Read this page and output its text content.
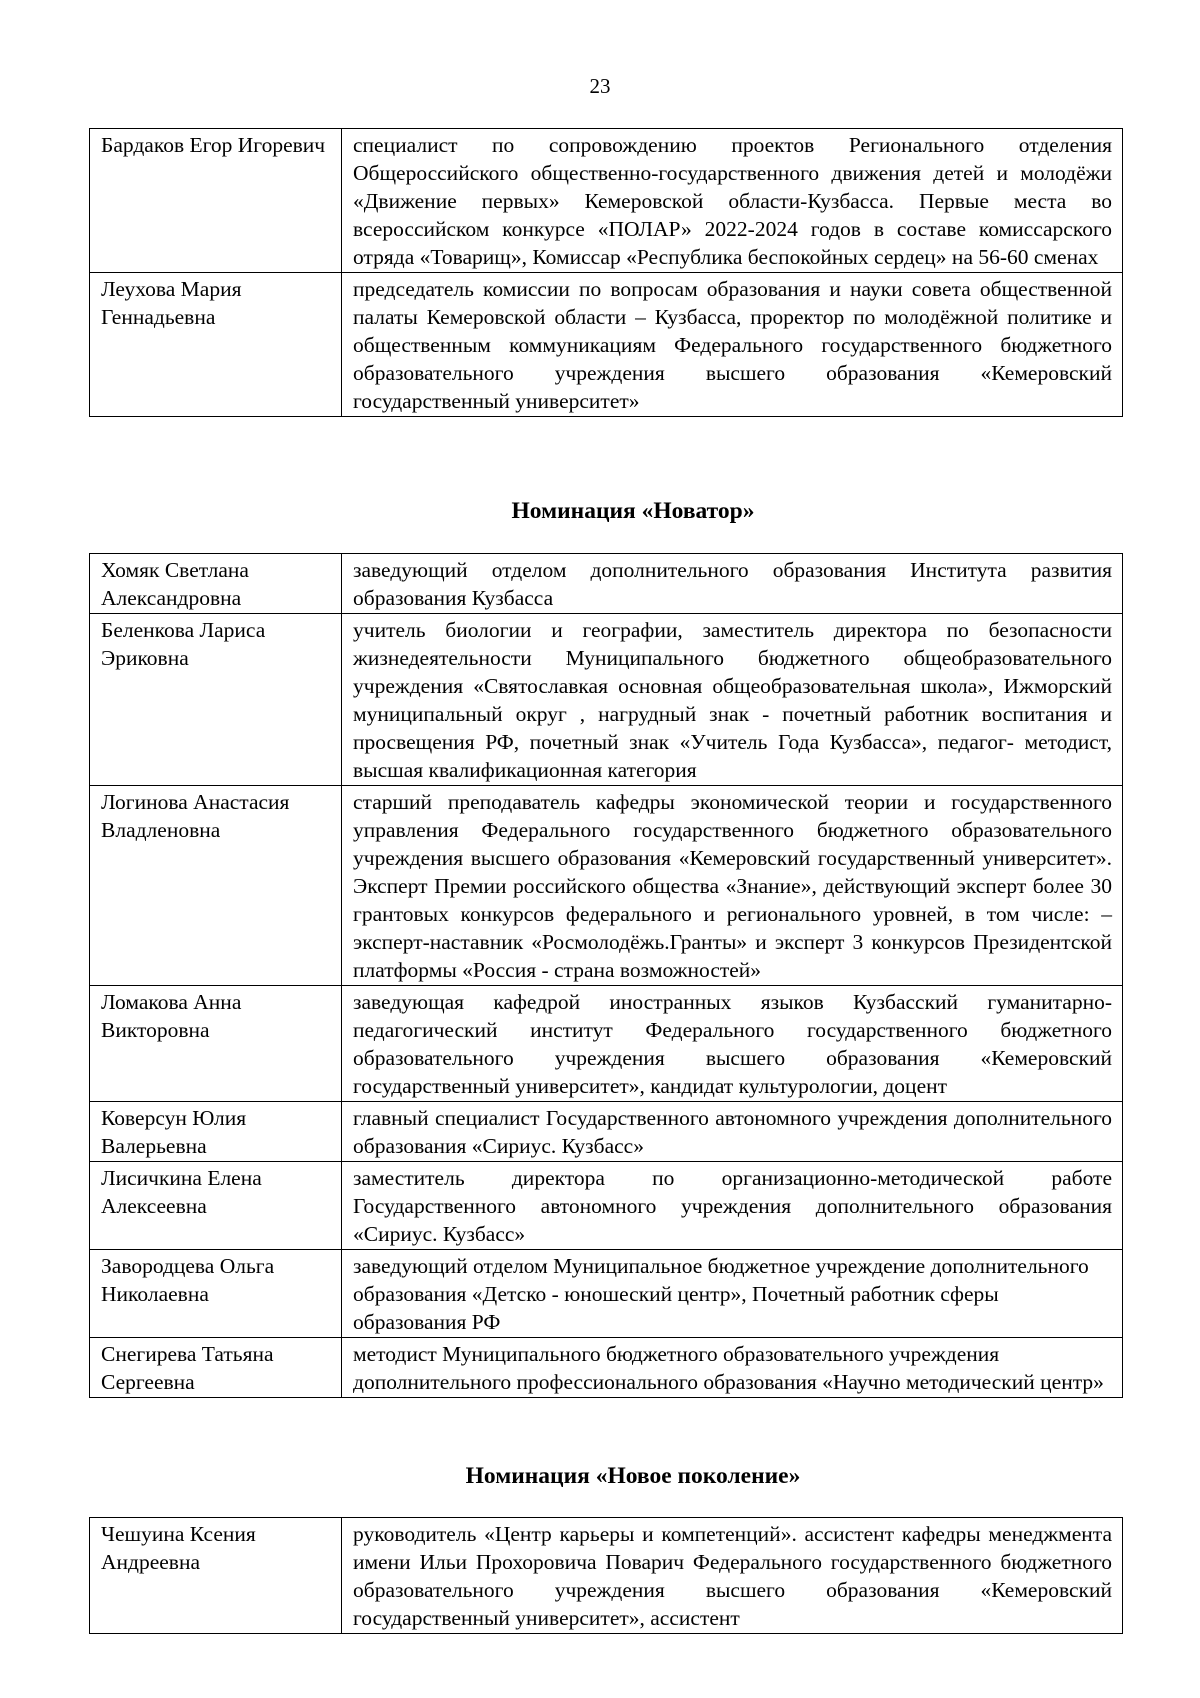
23
Бардаков Егор Игоревич	специалист по сопровождению проектов Регионального отделения Общероссийского общественно-государственного движения детей и молодёжи «Движение первых» Кемеровской области-Кузбасса. Первые места во всероссийском конкурсе «ПОЛАР» 2022-2024 годов в составе комиссарского отряда «Товарищ», Комиссар «Республика беспокойных сердец» на 56-60 сменах
Леухова Мария Геннадьевна	председатель комиссии по вопросам образования и науки совета общественной палаты Кемеровской области – Кузбасса, проректор по молодёжной политике и общественным коммуникациям Федерального государственного бюджетного образовательного учреждения высшего образования «Кемеровский государственный университет»
Номинация «Новатор»
Хомяк Светлана Александровна	заведующий отделом дополнительного образования Института развития образования Кузбасса
Беленкова Лариса Эриковна	учитель биологии и географии, заместитель директора по безопасности жизнедеятельности Муниципального бюджетного общеобразовательного учреждения «Святославкая основная общеобразовательная школа», Ижморский муниципальный округ , нагрудный знак - почетный работник воспитания и просвещения РФ, почетный знак «Учитель Года Кузбасса», педагог- методист, высшая квалификационная категория
Логинова Анастасия Владленовна	старший преподаватель кафедры экономической теории и государственного управления Федерального государственного бюджетного образовательного учреждения высшего образования «Кемеровский государственный университет». Эксперт Премии российского общества «Знание», действующий эксперт более 30 грантовых конкурсов федерального и регионального уровней, в том числе: – эксперт-наставник «Росмолодёжь.Гранты» и эксперт 3 конкурсов Президентской платформы «Россия - страна возможностей»
Ломакова Анна Викторовна	заведующая кафедрой иностранных языков Кузбасский гуманитарно-педагогический институт Федерального государственного бюджетного образовательного учреждения высшего образования «Кемеровский государственный университет», кандидат культурологии, доцент
Коверсун Юлия Валерьевна	главный специалист Государственного автономного учреждения дополнительного образования «Сириус. Кузбасс»
Лисичкина Елена Алексеевна	заместитель директора по организационно-методической работе Государственного автономного учреждения дополнительного образования «Сириус. Кузбасс»
Завородцева Ольга Николаевна	заведующий отделом Муниципальное бюджетное учреждение дополнительного образования «Детско - юношеский центр», Почетный работник сферы образования РФ
Снегирева Татьяна Сергеевна	методист Муниципального бюджетного образовательного учреждения дополнительного профессионального образования «Научно методический центр»
Номинация «Новое поколение»
Чешуина Ксения Андреевна	руководитель «Центр карьеры и компетенций». ассистент кафедры менеджмента имени Ильи Прохоровича Поварич Федерального государственного бюджетного образовательного учреждения высшего образования «Кемеровский государственный университет», ассистент
